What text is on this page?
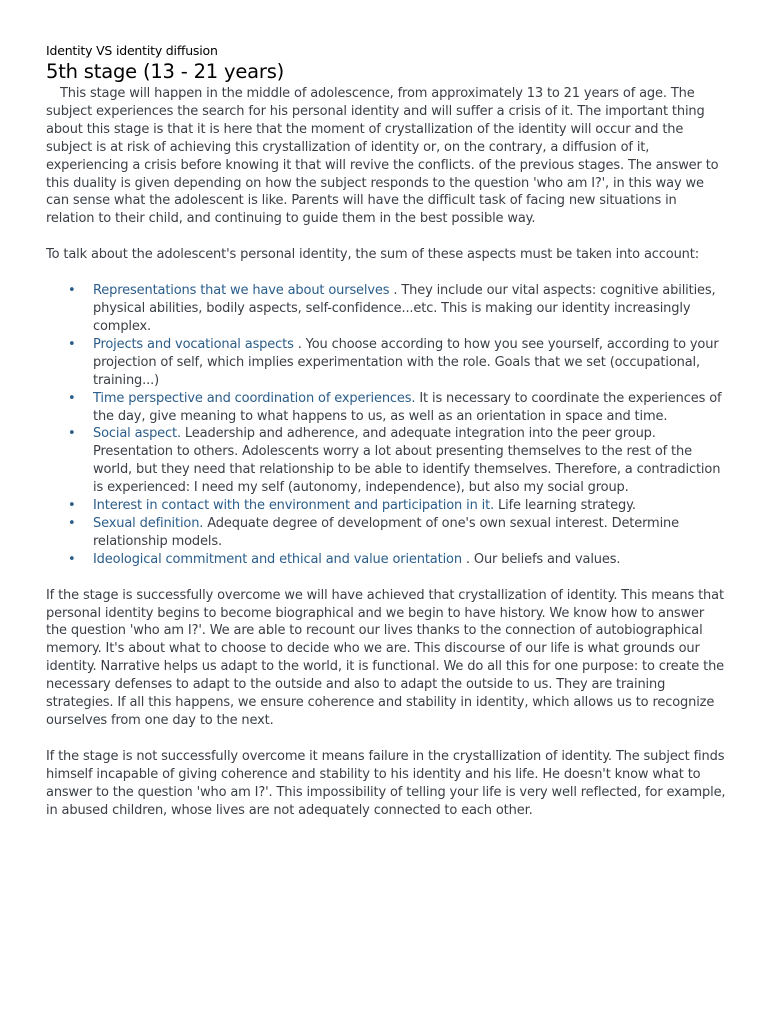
Identity VS identity diffusion

5th stage (13 - 21 years)

This stage will happen in the middle of adolescence, from approximately 13 to 21 years of age. The subject experiences the search for his personal identity and will suffer a crisis of it. The important thing about this stage is that it is here that the moment of crystallization of the identity will occur and the subject is at risk of achieving this crystallization of identity or, on the contrary, a diffusion of it, experiencing a crisis before knowing it that will revive the conflicts. of the previous stages. The answer to this duality is given depending on how the subject responds to the question 'who am I?', in this way we can sense what the adolescent is like. Parents will have the difficult task of facing new situations in relation to their child, and continuing to guide them in the best possible way.

To talk about the adolescent's personal identity, the sum of these aspects must be taken into account:

• Representations that we have about ourselves . They include our vital aspects: cognitive abilities, physical abilities, bodily aspects, self-confidence...etc. This is making our identity increasingly complex.
• Projects and vocational aspects . You choose according to how you see yourself, according to your projection of self, which implies experimentation with the role. Goals that we set (occupational, training...)
• Time perspective and coordination of experiences. It is necessary to coordinate the experiences of the day, give meaning to what happens to us, as well as an orientation in space and time.
• Social aspect. Leadership and adherence, and adequate integration into the peer group. Presentation to others. Adolescents worry a lot about presenting themselves to the rest of the world, but they need that relationship to be able to identify themselves. Therefore, a contradiction is experienced: I need my self (autonomy, independence), but also my social group.
• Interest in contact with the environment and participation in it. Life learning strategy.
• Sexual definition. Adequate degree of development of one's own sexual interest. Determine relationship models.
• Ideological commitment and ethical and value orientation . Our beliefs and values.

If the stage is successfully overcome we will have achieved that crystallization of identity. This means that personal identity begins to become biographical and we begin to have history. We know how to answer the question 'who am I?'. We are able to recount our lives thanks to the connection of autobiographical memory. It's about what to choose to decide who we are. This discourse of our life is what grounds our identity. Narrative helps us adapt to the world, it is functional. We do all this for one purpose: to create the necessary defenses to adapt to the outside and also to adapt the outside to us. They are training strategies. If all this happens, we ensure coherence and stability in identity, which allows us to recognize ourselves from one day to the next.

If the stage is not successfully overcome it means failure in the crystallization of identity. The subject finds himself incapable of giving coherence and stability to his identity and his life. He doesn't know what to answer to the question 'who am I?'. This impossibility of telling your life is very well reflected, for example, in abused children, whose lives are not adequately connected to each other.
